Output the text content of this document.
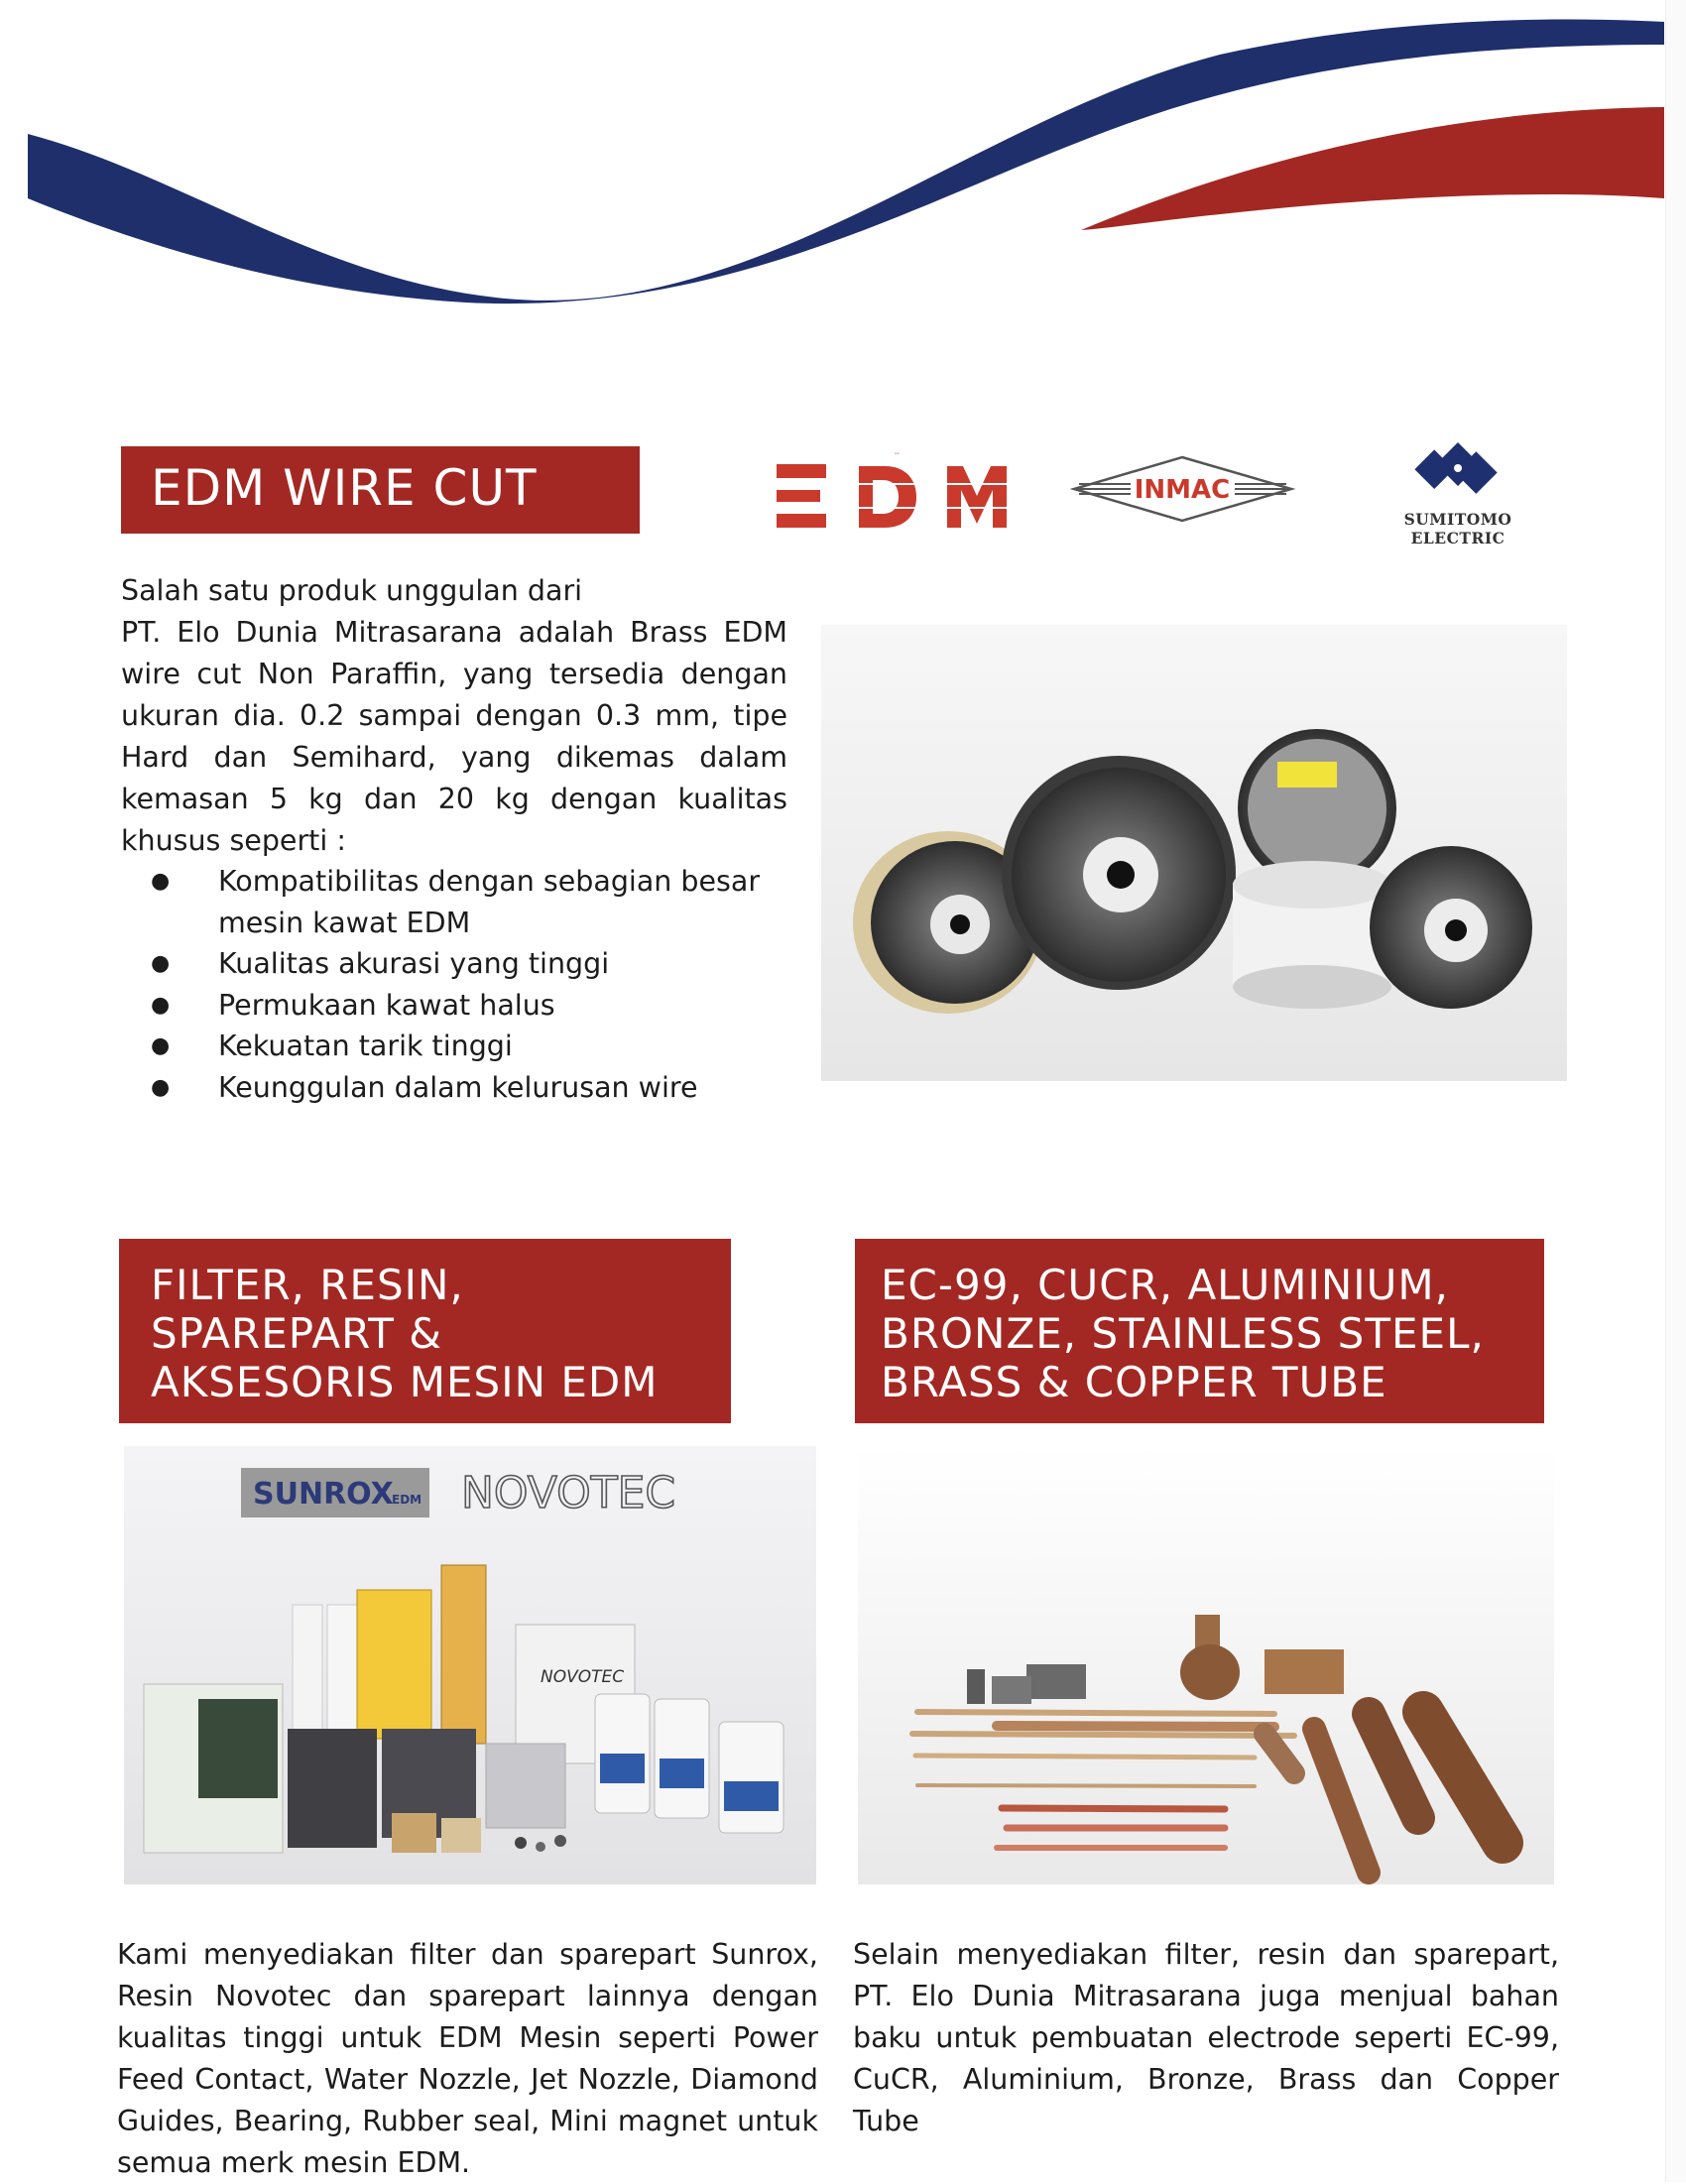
EDM WIRE CUT
EDM
INMAC
SUMITOMO ELECTRIC

Salah satu produk unggulan dari

PT. Elo Dunia Mitrasarana adalah Brass EDM wire cut Non Paraffin, yang tersedia dengan ukuran dia. 0.2 sampai dengan 0.3 mm, tipe Hard dan Semihard, yang dikemas dalam kemasan 5 kg dan 20 kg dengan kualitas khusus seperti :

● Kompatibilitas dengan sebagian besar mesin kawat EDM
● Kualitas akurasi yang tinggi
● Permukaan kawat halus
● Kekuatan tarik tinggi
● Keunggulan dalam kelurusan wire
FILTER, RESIN,
SPAREPART &
AKSESORIS MESIN EDM
SUNROX
EDM NOVOTEC
NOVOTEC
Kami menyediakan filter dan sparepart Sunrox, Resin Novotec dan sparepart lainnya dengan kualitas tinggi untuk EDM Mesin seperti Power Feed Contact, Water Nozzle, Jet Nozzle, Diamond Guides, Bearing, Rubber seal, Mini magnet untuk semua merk mesin EDM.
EC-99, CUCR, ALUMINIUM,
BRONZE, STAINLESS STEEL,
BRASS & COPPER TUBE
Selain menyediakan filter, resin dan sparepart, PT. Elo Dunia Mitrasarana juga menjual bahan baku untuk pembuatan electrode seperti EC-99, CuCR, Aluminium, Bronze, Brass dan Copper Tube
